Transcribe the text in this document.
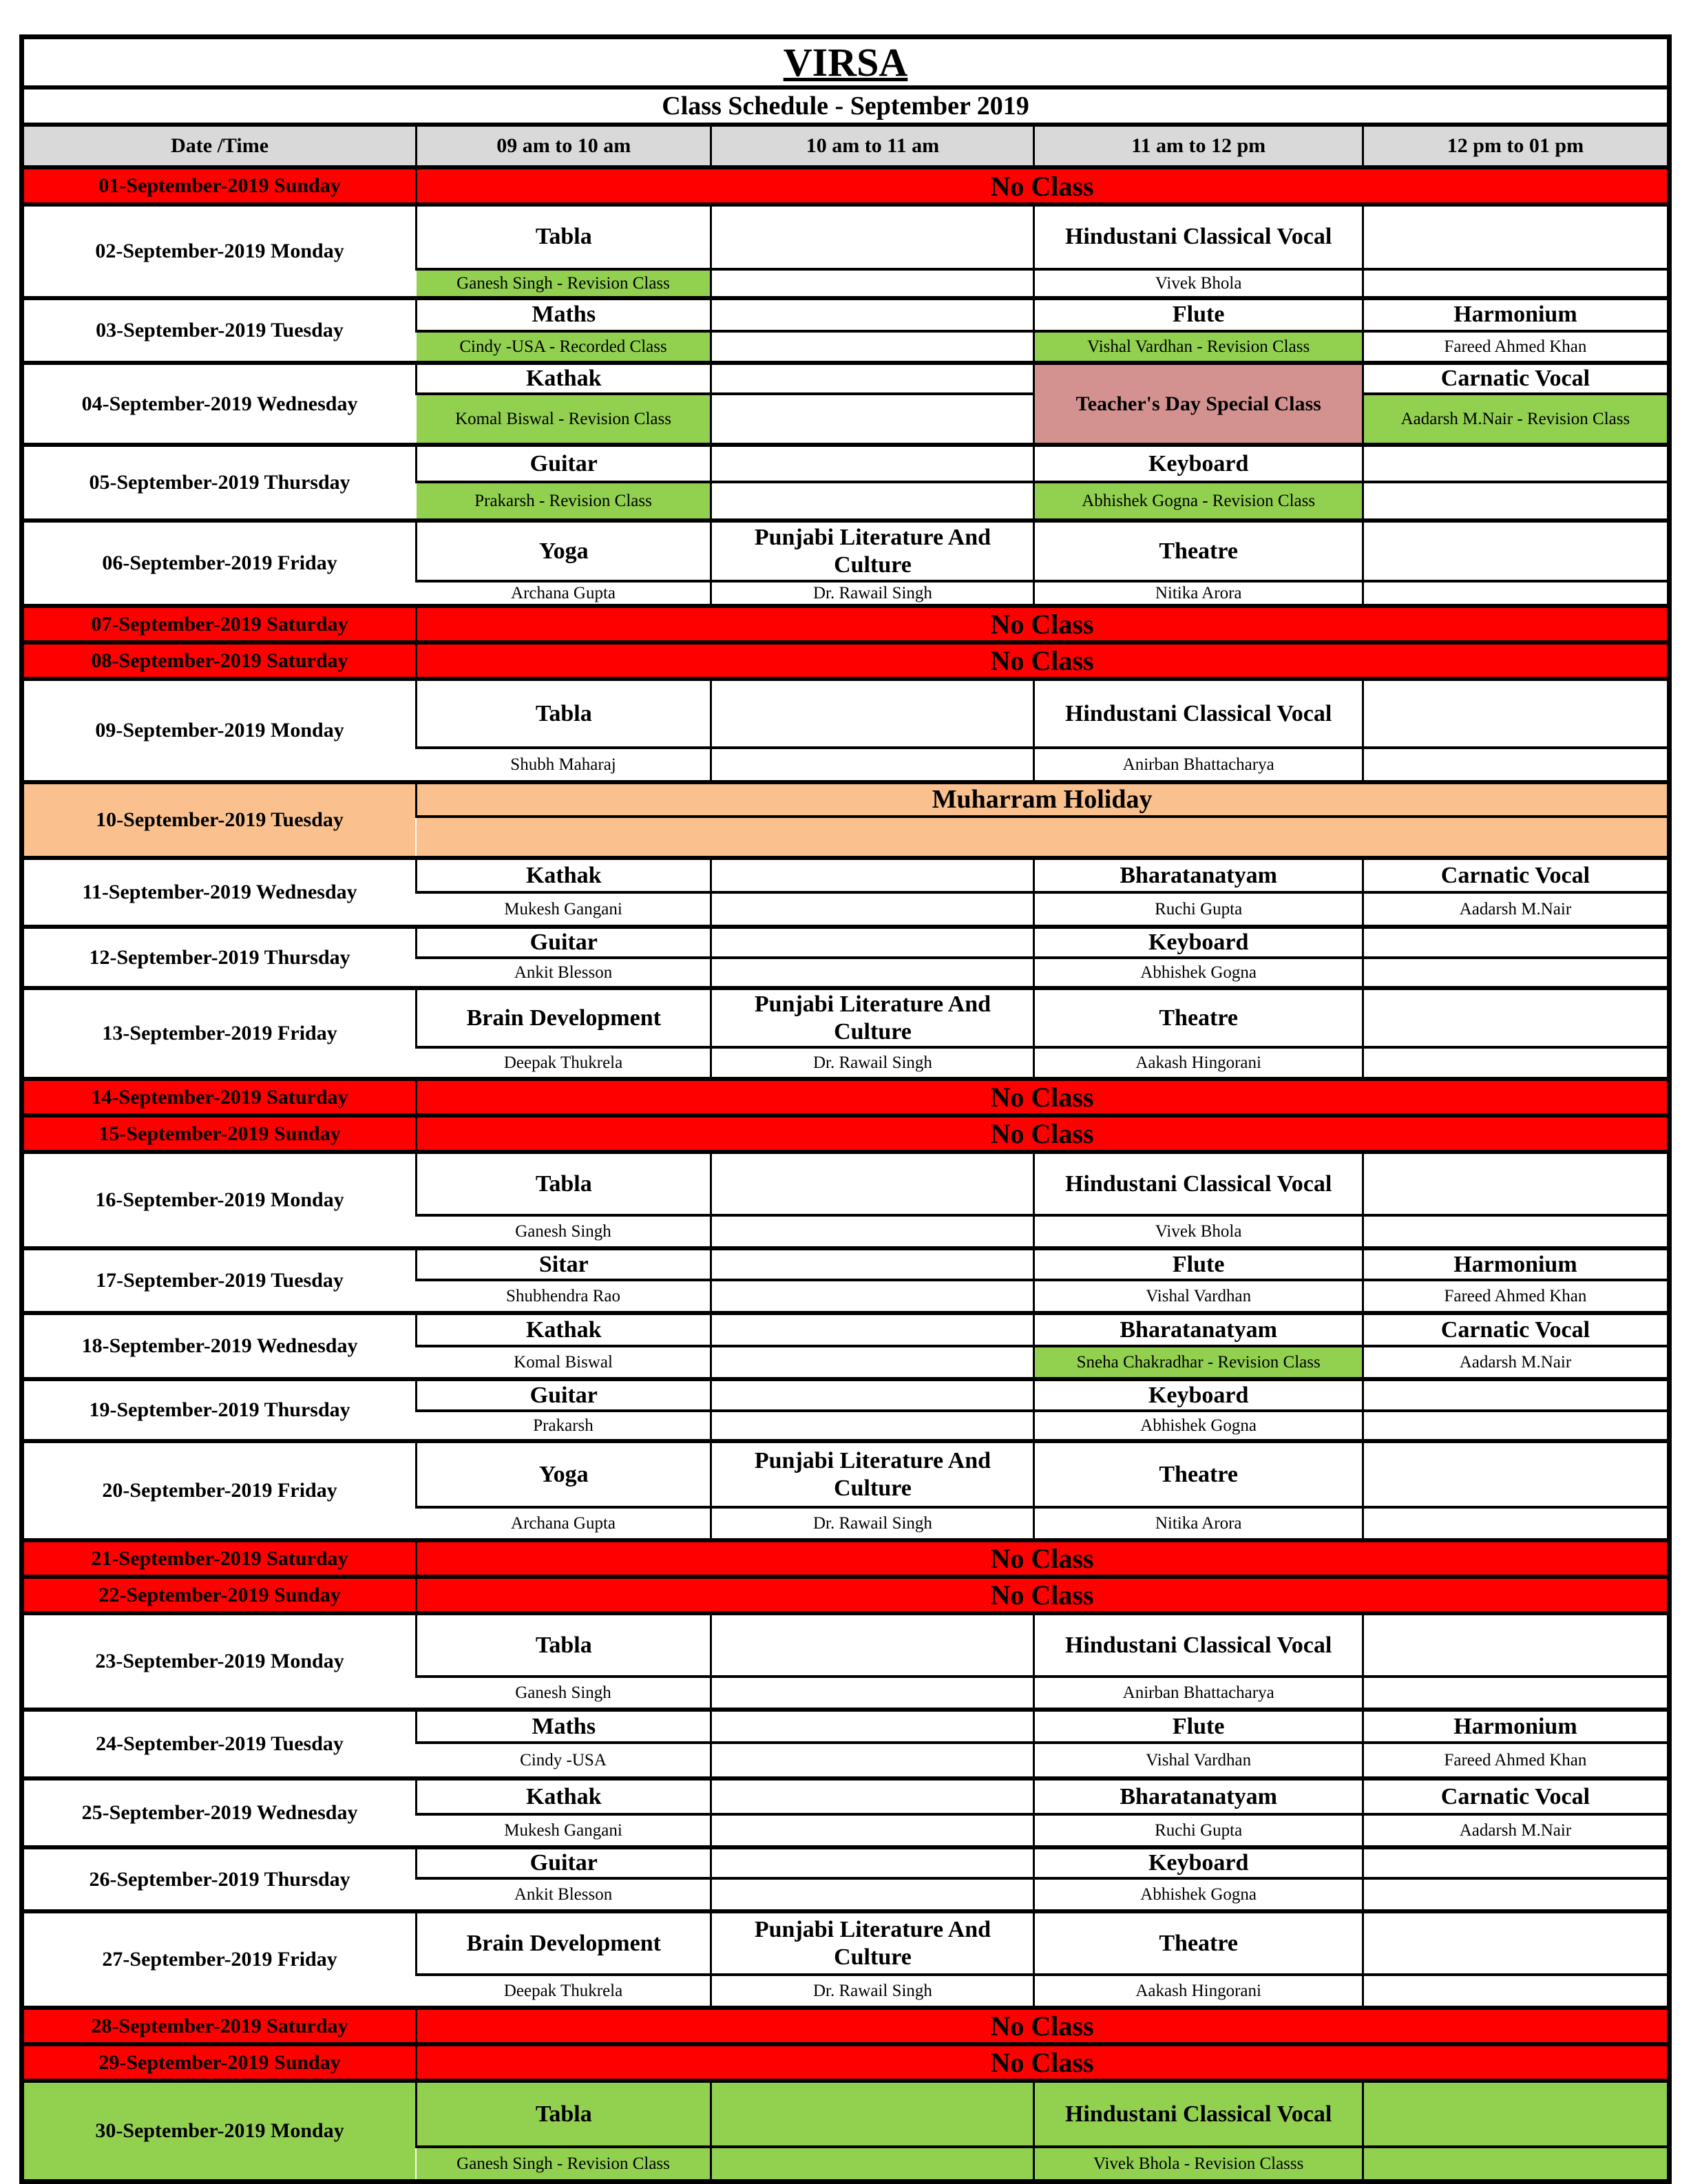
VIRSA				
Class Schedule - September 2019				
Date /Time	09 am to 10 am	10 am to 11 am	11 am to 12 pm	12 pm to 01 pm
01-September-2019 Sunday	No Class			
02-September-2019 Monday	Tabla		Hindustani Classical Vocal	
	Ganesh Singh - Revision Class		Vivek Bhola	
03-September-2019 Tuesday	Maths		Flute	Harmonium
	Cindy -USA - Recorded Class		Vishal Vardhan - Revision Class	Fareed Ahmed Khan
04-September-2019 Wednesday	Kathak		Teacher's Day Special Class	Carnatic Vocal
	Komal Biswal - Revision Class			Aadarsh M.Nair - Revision Class
05-September-2019 Thursday	Guitar		Keyboard	
	Prakarsh - Revision Class		Abhishek Gogna - Revision Class	
06-September-2019 Friday	Yoga	Punjabi Literature And Culture	Theatre	
	Archana Gupta	Dr. Rawail Singh	Nitika Arora	
07-September-2019 Saturday	No Class			
08-September-2019 Saturday	No Class			
09-September-2019 Monday	Tabla		Hindustani Classical Vocal	
	Shubh Maharaj		Anirban Bhattacharya	
10-September-2019 Tuesday	Muharram Holiday			

11-September-2019 Wednesday	Kathak		Bharatanatyam	Carnatic Vocal
	Mukesh Gangani		Ruchi Gupta	Aadarsh M.Nair
12-September-2019 Thursday	Guitar		Keyboard	
	Ankit Blesson		Abhishek Gogna	
13-September-2019 Friday	Brain Development	Punjabi Literature And Culture	Theatre	
	Deepak Thukrela	Dr. Rawail Singh	Aakash Hingorani	
14-September-2019 Saturday	No Class			
15-September-2019 Sunday	No Class			
16-September-2019 Monday	Tabla		Hindustani Classical Vocal	
	Ganesh Singh		Vivek Bhola	
17-September-2019 Tuesday	Sitar		Flute	Harmonium
	Shubhendra Rao		Vishal Vardhan	Fareed Ahmed Khan
18-September-2019 Wednesday	Kathak		Bharatanatyam	Carnatic Vocal
	Komal Biswal		Sneha Chakradhar - Revision Class	Aadarsh M.Nair
19-September-2019 Thursday	Guitar		Keyboard	
	Prakarsh		Abhishek Gogna	
20-September-2019 Friday	Yoga	Punjabi Literature And Culture	Theatre	
	Archana Gupta	Dr. Rawail Singh	Nitika Arora	
21-September-2019 Saturday	No Class			
22-September-2019 Sunday	No Class			
23-September-2019 Monday	Tabla		Hindustani Classical Vocal	
	Ganesh Singh		Anirban Bhattacharya	
24-September-2019 Tuesday	Maths		Flute	Harmonium
	Cindy -USA		Vishal Vardhan	Fareed Ahmed Khan
25-September-2019 Wednesday	Kathak		Bharatanatyam	Carnatic Vocal
	Mukesh Gangani		Ruchi Gupta	Aadarsh M.Nair
26-September-2019 Thursday	Guitar		Keyboard	
	Ankit Blesson		Abhishek Gogna	
27-September-2019 Friday	Brain Development	Punjabi Literature And Culture	Theatre	
	Deepak Thukrela	Dr. Rawail Singh	Aakash Hingorani	
28-September-2019 Saturday	No Class			
29-September-2019 Sunday	No Class			
30-September-2019 Monday	Tabla		Hindustani Classical Vocal	
	Ganesh Singh - Revision Class		Vivek Bhola - Revision Classs	
